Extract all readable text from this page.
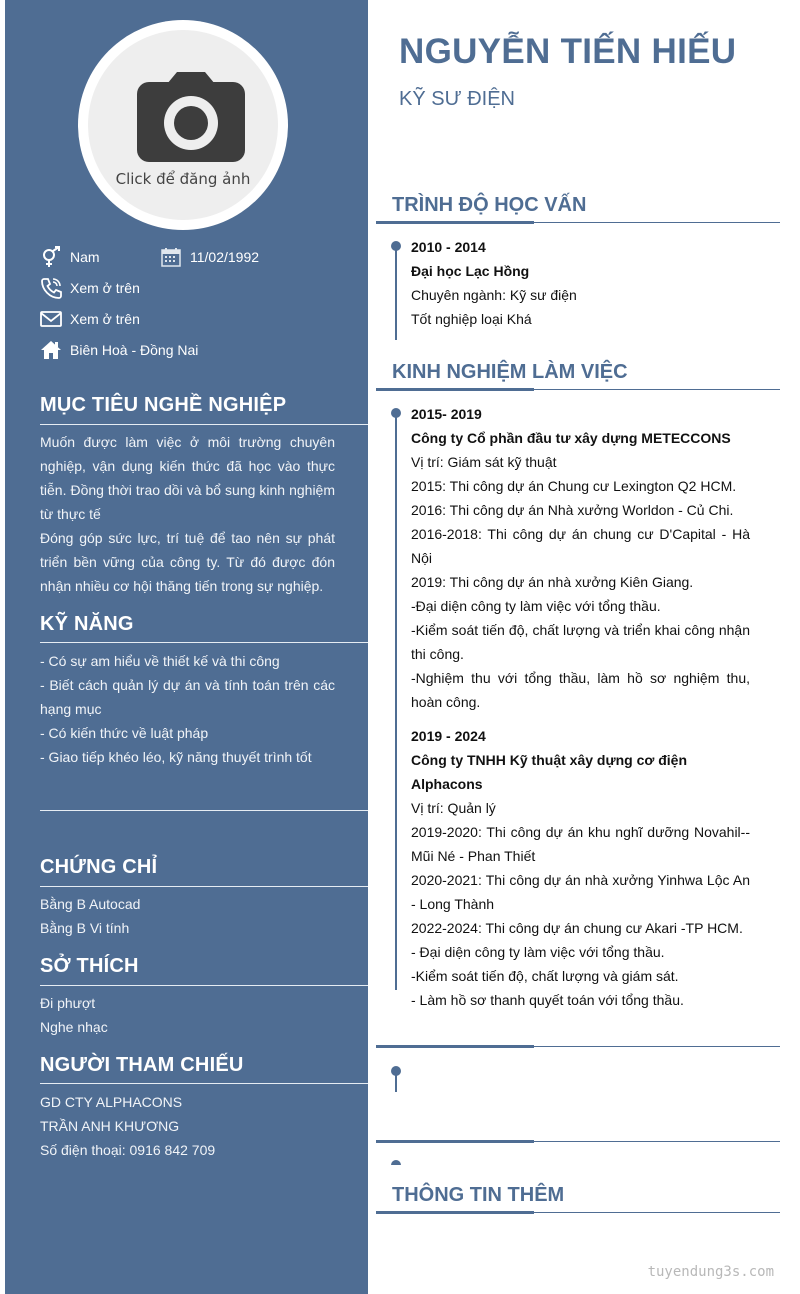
Click để đăng ảnh
Nam	11/02/1992
Xem ở trên
Xem ở trên
Biên Hoà - Đồng Nai
MỤC TIÊU NGHỀ NGHIỆP
Muốn được làm việc ở môi trường chuyên nghiệp, vận dụng kiến thức đã học vào thực tiễn. Đồng thời trao dồi và bổ sung kinh nghiệm từ thực tế
Đóng góp sức lực, trí tuệ để tao nên sự phát triển bền vững của công ty. Từ đó được đón nhận nhiều cơ hội thăng tiến trong sự nghiệp.
KỸ NĂNG
- Có sự am hiểu về thiết kế và thi công
- Biết cách quản lý dự án và tính toán trên các hạng mục
- Có kiến thức về luật pháp
- Giao tiếp khéo léo, kỹ năng thuyết trình tốt
CHỨNG CHỈ
Bằng B Autocad
Bằng B Vi tính
SỞ THÍCH
Đi phượt
Nghe nhạc
NGƯỜI THAM CHIẾU
GD CTY ALPHACONS
TRẦN ANH KHƯƠNG
Số điện thoại: 0916 842 709
NGUYỄN TIẾN HIẾU
KỸ SƯ ĐIỆN
TRÌNH ĐỘ HỌC VẤN
2010 - 2014
Đại học Lạc Hồng
Chuyên ngành: Kỹ sư điện
Tốt nghiệp loại Khá
KINH NGHIỆM LÀM VIỆC
2015- 2019
Công ty Cổ phần đầu tư xây dựng METECCONS
Vị trí: Giám sát kỹ thuật
2015: Thi công dự án Chung cư Lexington Q2 HCM.
2016: Thi công dự án Nhà xưởng Worldon - Củ Chi.
2016-2018: Thi công dự án chung cư D'Capital - Hà Nội
2019: Thi công dự án nhà xưởng Kiên Giang.
-Đại diện công ty làm việc với tổng thầu.
-Kiểm soát tiến độ, chất lượng và triển khai công nhận thi công.
-Nghiệm thu với tổng thầu, làm hồ sơ nghiệm thu, hoàn công.
2019 - 2024
Công ty TNHH Kỹ thuật xây dựng cơ điện Alphacons
Vị trí: Quản lý
2019-2020: Thi công dự án khu nghĩ dưỡng Novahil-- Mũi Né - Phan Thiết
2020-2021: Thi công dự án nhà xưởng Yinhwa Lộc An - Long Thành
2022-2024: Thi công dự án chung cư Akari -TP HCM.
- Đại diện công ty làm việc với tổng thầu.
-Kiểm soát tiến độ, chất lượng và giám sát.
- Làm hồ sơ thanh quyết toán với tổng thầu.
THÔNG TIN THÊM
tuyendung3s.com
